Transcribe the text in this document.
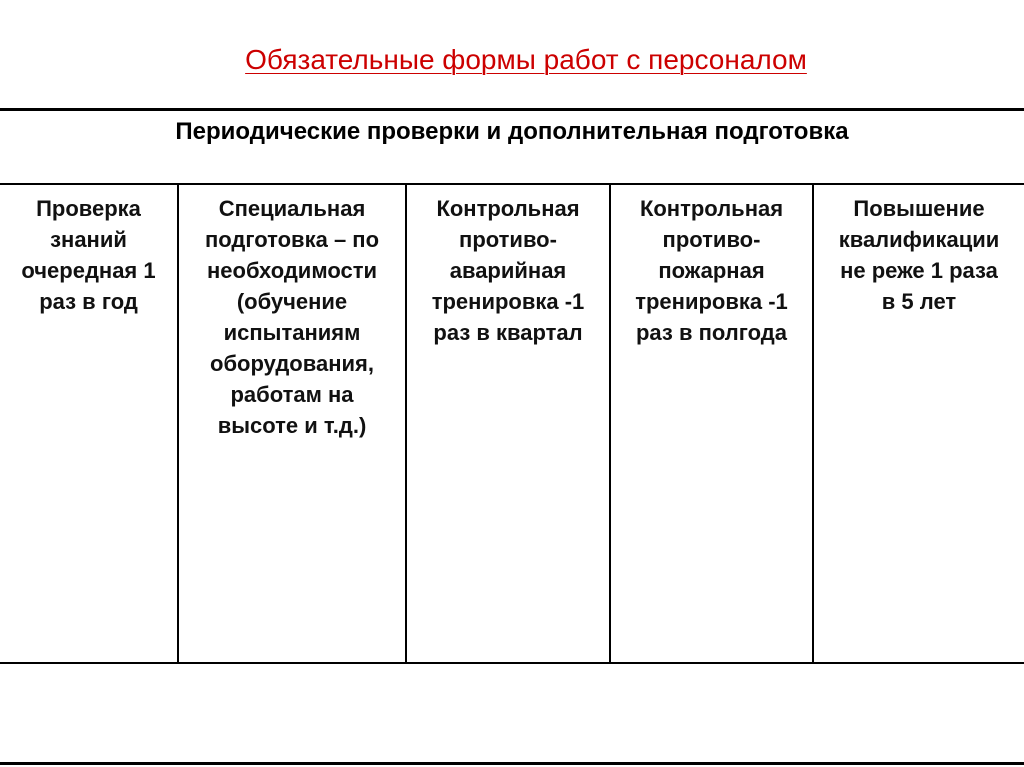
Обязательные формы работ с персоналом
Периодические проверки и дополнительная подготовка
Проверка
знаний
очередная 1
раз в год
Специальная
подготовка – по
необходимости
(обучение
испытаниям
оборудования,
работам на
высоте и т.д.)
Контрольная
противо-
аварийная
тренировка -1
раз в квартал
Контрольная
противо-
пожарная
тренировка -1
раз в полгода
Повышение
квалификации
не реже 1 раза
в 5 лет
